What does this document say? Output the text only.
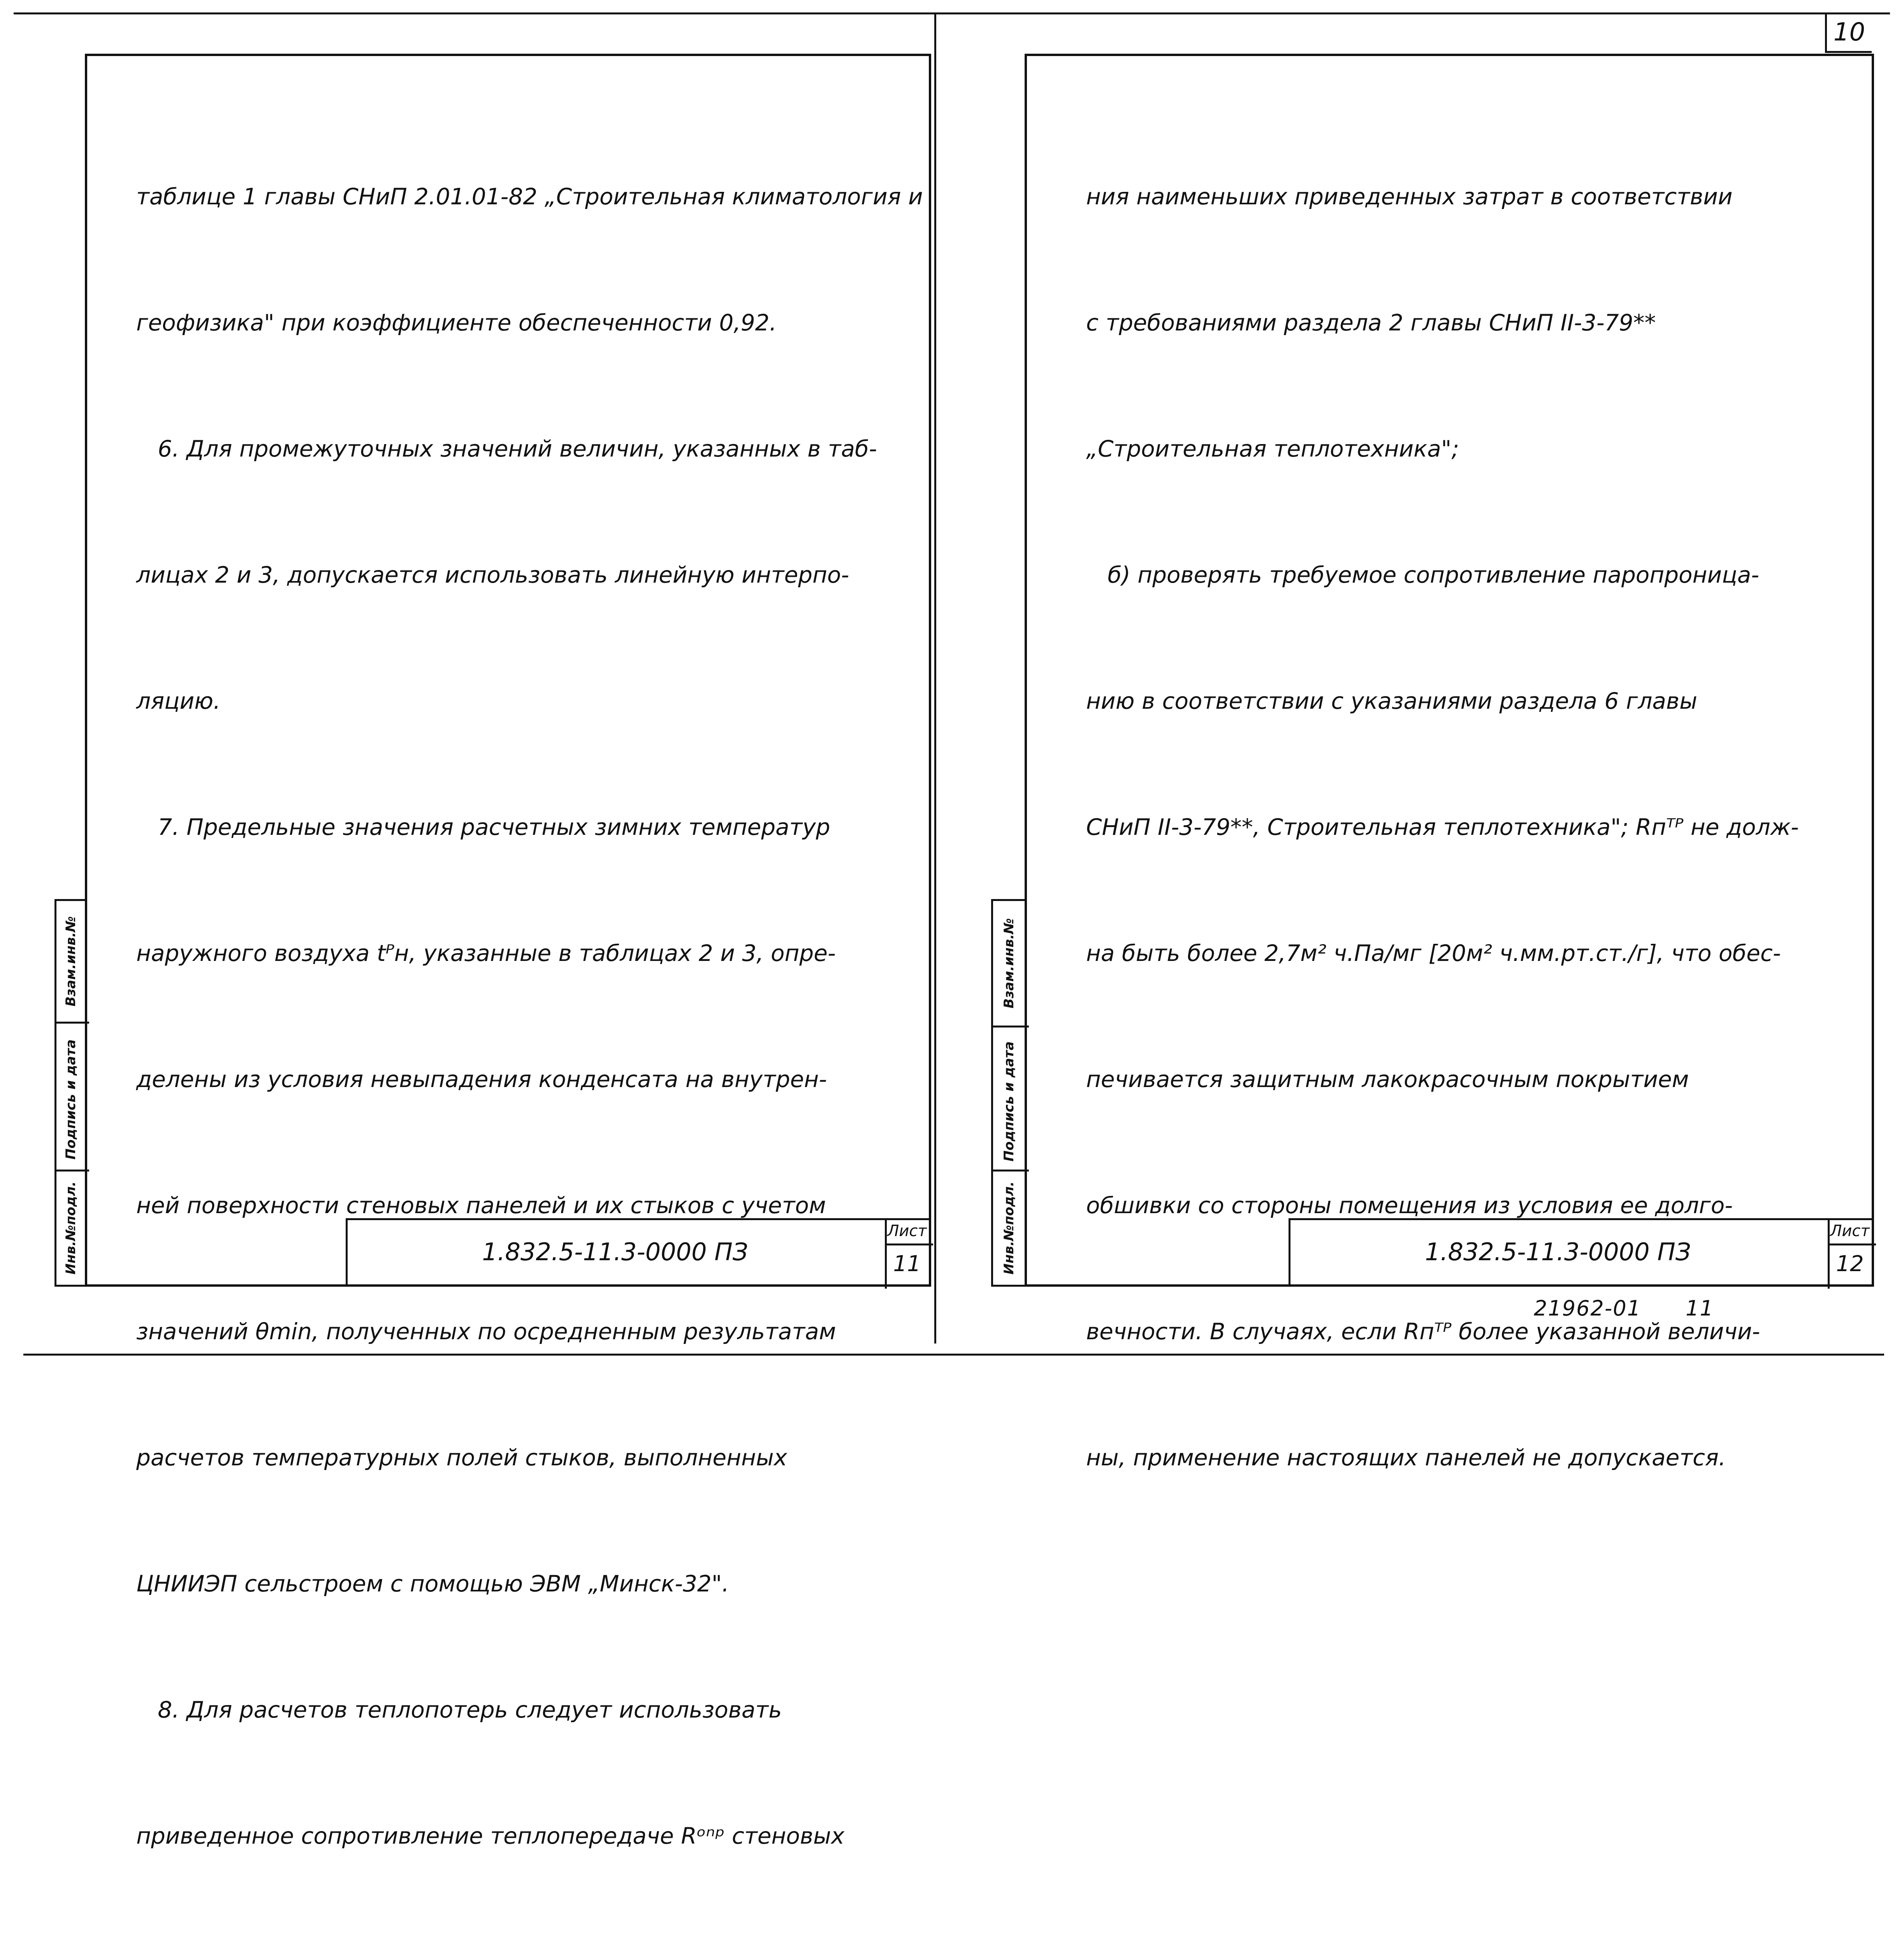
10
Инв.№подл.
Подпись и дата
Взам.инв.№

таблице 1 главы СНиП 2.01.01-82 „Строительная климатология и

геофизика" при коэффициенте обеспеченности 0,92.

6. Для промежуточных значений величин, указанных в таб-

лицах 2 и 3, допускается использовать линейную интерпо-

ляцию.

7. Предельные значения расчетных зимних температур

наружного воздуха tᴾн, указанные в таблицах 2 и 3, опре-

делены из условия невыпадения конденсата на внутрен-

ней поверхности стеновых панелей и их стыков с учетом

значений θmin, полученных по осредненным результатам

расчетов температурных полей стыков, выполненных

ЦНИИЭП сельстроем с помощью ЭВМ „Минск-32".

8. Для расчетов теплопотерь следует использовать

приведенное сопротивление теплопередаче Rᵒⁿᵖ стеновых

1.832.5-11.3-0000 ПЗ
Лист
11	Инв.№подл.
Подпись и дата
Взам.инв.№

ния наименьших приведенных затрат в соответствии

с требованиями раздела 2 главы СНиП II-3-79**

„Строительная теплотехника";

б) проверять требуемое сопротивление паропроница-

нию в соответствии с указаниями раздела 6 главы

СНиП II-3-79**, Строительная теплотехника"; Rпᵀᴾ не долж-

на быть более 2,7м² ч.Па/мг [20м² ч.мм.рт.ст./г], что обес-

печивается защитным лакокрасочным покрытием

обшивки со стороны помещения из условия ее долго-

вечности. В случаях, если Rпᵀᴾ более указанной величи-

ны, применение настоящих панелей не допускается.

1.832.5-11.3-0000 ПЗ
Лист
12
21962-01 11
